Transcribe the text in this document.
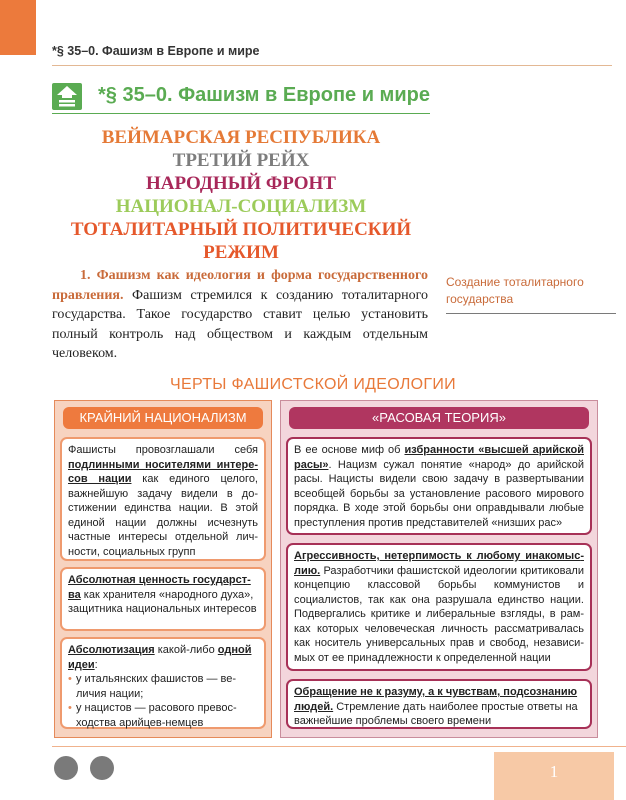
*§ 35–0. Фашизм в Европе и мире
*§ 35–0. Фашизм в Европе и мире
ВЕЙМАРСКАЯ РЕСПУБЛИКА
ТРЕТИЙ РЕЙХ
НАРОДНЫЙ ФРОНТ
НАЦИОНАЛ-СОЦИАЛИЗМ
ТОТАЛИТАРНЫЙ ПОЛИТИЧЕСКИЙ
РЕЖИМ
1. Фашизм как идеология и форма государственного правления. Фашизм стремился к созданию тоталитарного государства. Такое государство ставит целью установить полный контроль над обществом и каждым отдельным человеком.
Создание тоталитарного государства
ЧЕРТЫ ФАШИСТСКОЙ ИДЕОЛОГИИ
КРАЙНИЙ НАЦИОНАЛИЗМ
Фашисты провозглашали себя подлинными носителями интересов нации как единого целого, важнейшую задачу видели в достижении единства нации. В этой единой нации должны исчезнуть частные интересы отдельной личности, социальных групп
Абсолютная ценность государства как хранителя «народного духа», защитника национальных интересов
Абсолютизация какой-либо одной идеи:
• у итальянских фашистов — величия нации;
• у нацистов — расового превосходства арийцев-немцев
«РАСОВАЯ ТЕОРИЯ»
В ее основе миф об избранности «высшей арийской расы». Нацизм сужал понятие «народ» до арийской расы. Нацисты видели свою задачу в развертывании всеобщей борьбы за установление расового мирового порядка. В ходе этой борьбы они оправдывали любые преступления против представителей «низших рас»
Агрессивность, нетерпимость к любому инакомыслию. Разработчики фашистской идеологии критиковали концепцию классовой борьбы коммунистов и социалистов, так как она разрушала единство нации. Подвергались критике и либеральные взгляды, в рамках которых человеческая личность рассматривалась как носитель универсальных прав и свобод, независимых от ее принадлежности к определенной нации
Обращение не к разуму, а к чувствам, подсознанию людей. Стремление дать наиболее простые ответы на важнейшие проблемы своего времени
1
